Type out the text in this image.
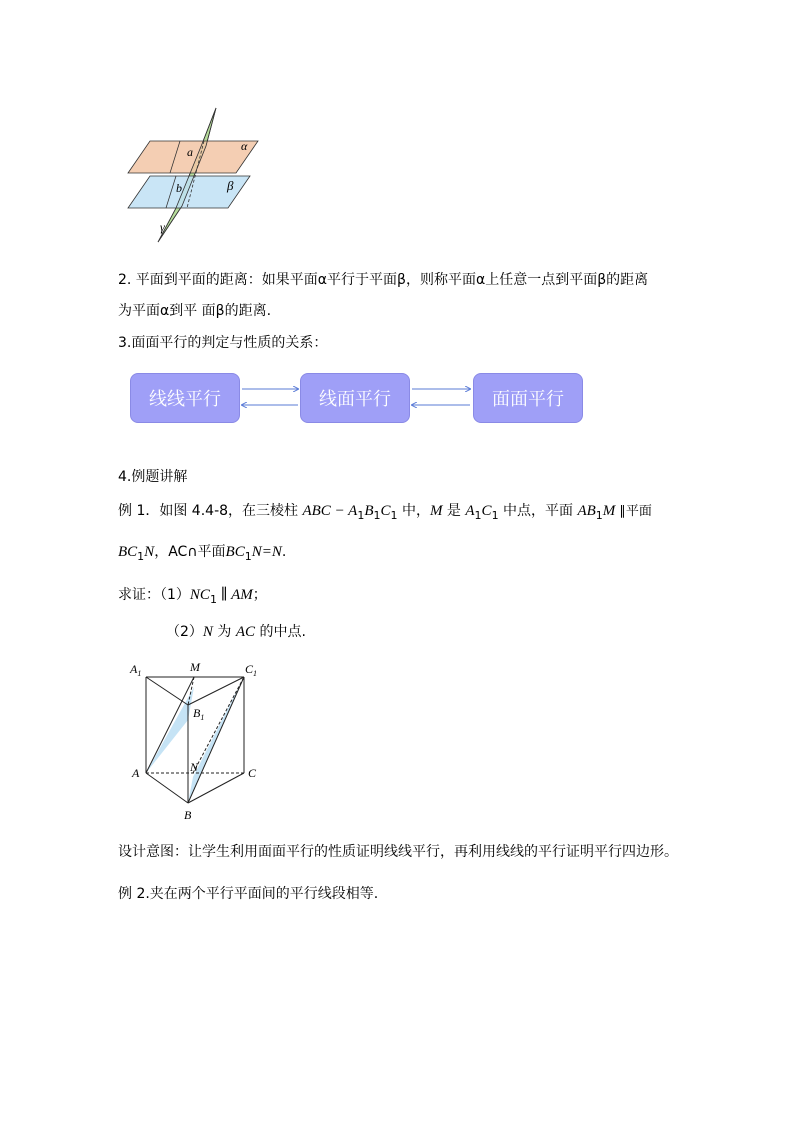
a	α
b	β
γ
2. 平面到平面的距离：如果平面α平行于平面β，则称平面α上任意一点到平面β的距离
为平面α到平 面β的距离.
3.面面平行的判定与性质的关系：
线线平行	线面平行	面面平行
4.例题讲解
例 1．如图 4.4-8，在三棱柱 ABC − $A_1B_1C_1$ 中，M 是 $A_1C_1$ 中点，平面 $AB_1M$ ∥平面
$BC_1N$，AC∩平面$BC_1N=N$.
求证：$(1)NC_1$ ∥ AM；
（2）N 为 AC 的中点.
$A_1$	M	$C_1$
$B_1$
A	N	C
B
设计意图：让学生利用面面平行的性质证明线线平行，再利用线线的平行证明平行四边形。
例 2.夹在两个平行平面间的平行线段相等.
